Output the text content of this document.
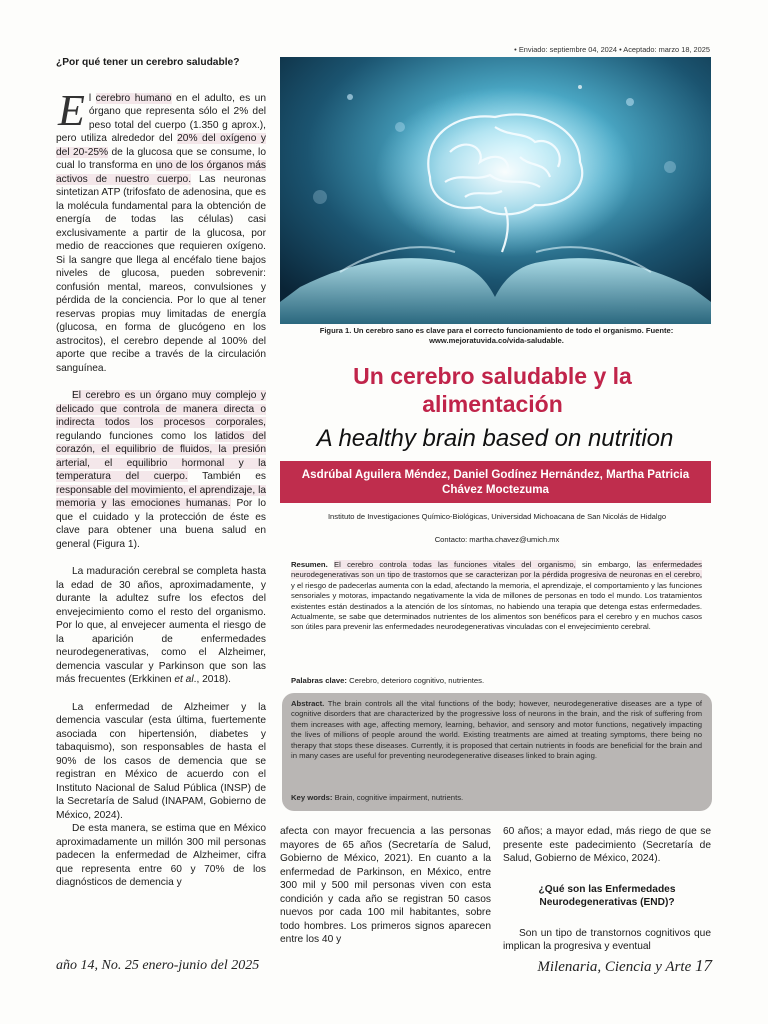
¿Por qué tener un cerebro saludable?

El cerebro humano en el adulto, es un órgano que representa sólo el 2% del peso total del cuerpo (1.350 g aprox.), pero utiliza alrededor del 20% del oxígeno y del 20-25% de la glucosa que se consume, lo cual lo transforma en uno de los órganos más activos de nuestro cuerpo. Las neuronas sintetizan ATP (trifosfato de adenosina, que es la molécula fundamental para la obtención de energía de todas las células) casi exclusivamente a partir de la glucosa, por medio de reacciones que requieren oxígeno. Si la sangre que llega al encéfalo tiene bajos niveles de glucosa, pueden sobrevenir: confusión mental, mareos, convulsiones y pérdida de la conciencia. Por lo que al tener reservas propias muy limitadas de energía (glucosa, en forma de glucógeno en los astrocitos), el cerebro depende al 100% del aporte que recibe a través de la circulación sanguínea.

El cerebro es un órgano muy complejo y delicado que controla de manera directa o indirecta todos los procesos corporales, regulando funciones como los latidos del corazón, el equilibrio de fluidos, la presión arterial, el equilibrio hormonal y la temperatura del cuerpo. También es responsable del movimiento, el aprendizaje, la memoria y las emociones humanas. Por lo que el cuidado y la protección de éste es clave para obtener una buena salud en general (Figura 1).

La maduración cerebral se completa hasta la edad de 30 años, aproximadamente, y durante la adultez sufre los efectos del envejecimiento como el resto del organismo. Por lo que, al envejecer aumenta el riesgo de la aparición de enfermedades neurodegenerativas, como el Alzheimer, demencia vascular y Parkinson que son las más frecuentes (Erkkinen et al., 2018).

La enfermedad de Alzheimer y la demencia vascular (esta última, fuertemente asociada con hipertensión, diabetes y tabaquismo), son responsables de hasta el 90% de los casos de demencia que se registran en México de acuerdo con el Instituto Nacional de Salud Pública (INSP) de la Secretaría de Salud (INAPAM, Gobierno de México, 2024).

De esta manera, se estima que en México aproximadamente un millón 300 mil personas padecen la enfermedad de Alzheimer, cifra que representa entre 60 y 70% de los diagnósticos de demencia y

• Enviado: septiembre 04, 2024 • Aceptado: marzo 18, 2025
Figura 1. Un cerebro sano es clave para el correcto funcionamiento de todo el organismo. Fuente: www.mejoratuvida.co/vida-saludable.
Un cerebro saludable y la alimentación
A healthy brain based on nutrition
Asdrúbal Aguilera Méndez, Daniel Godínez Hernández, Martha Patricia Chávez Moctezuma
Instituto de Investigaciones Químico-Biológicas, Universidad Michoacana de San Nicolás de Hidalgo
Contacto: martha.chavez@umich.mx
Resumen. El cerebro controla todas las funciones vitales del organismo, sin embargo, las enfermedades neurodegenerativas son un tipo de trastornos que se caracterizan por la pérdida progresiva de neuronas en el cerebro, y el riesgo de padecerlas aumenta con la edad, afectando la memoria, el aprendizaje, el comportamiento y las funciones sensoriales y motoras, impactando negativamente la vida de millones de personas en todo el mundo. Los tratamientos existentes están destinados a la atención de los síntomas, no habiendo una terapia que detenga estas enfermedades. Actualmente, se sabe que determinados nutrientes de los alimentos son benéficos para el cerebro y en muchos casos son útiles para prevenir las enfermedades neurodegenerativas vinculadas con el envejecimiento cerebral.
Palabras clave: Cerebro, deterioro cognitivo, nutrientes.
Abstract. The brain controls all the vital functions of the body; however, neurodegenerative diseases are a type of cognitive disorders that are characterized by the progressive loss of neurons in the brain, and the risk of suffering from them increases with age, affecting memory, learning, behavior, and sensory and motor functions, negatively impacting the lives of millions of people around the world. Existing treatments are aimed at treating symptoms, there being no therapy that stops these diseases. Currently, it is proposed that certain nutrients in foods are beneficial for the brain and in many cases are useful for preventing neurodegenerative diseases linked to brain aging.
Key words: Brain, cognitive impairment, nutrients.

afecta con mayor frecuencia a las personas mayores de 65 años (Secretaría de Salud, Gobierno de México, 2021). En cuanto a la enfermedad de Parkinson, en México, entre 300 mil y 500 mil personas viven con esta condición y cada año se registran 50 casos nuevos por cada 100 mil habitantes, sobre todo hombres. Los primeros signos aparecen entre los 40 y

60 años; a mayor edad, más riego de que se presente este padecimiento (Secretaría de Salud, Gobierno de México, 2024).

¿Qué son las Enfermedades Neurodegenerativas (END)?

Son un tipo de transtornos cognitivos que implican la progresiva y eventual

año 14, No. 25 enero-junio del 2025	Milenaria, Ciencia y Arte 17
